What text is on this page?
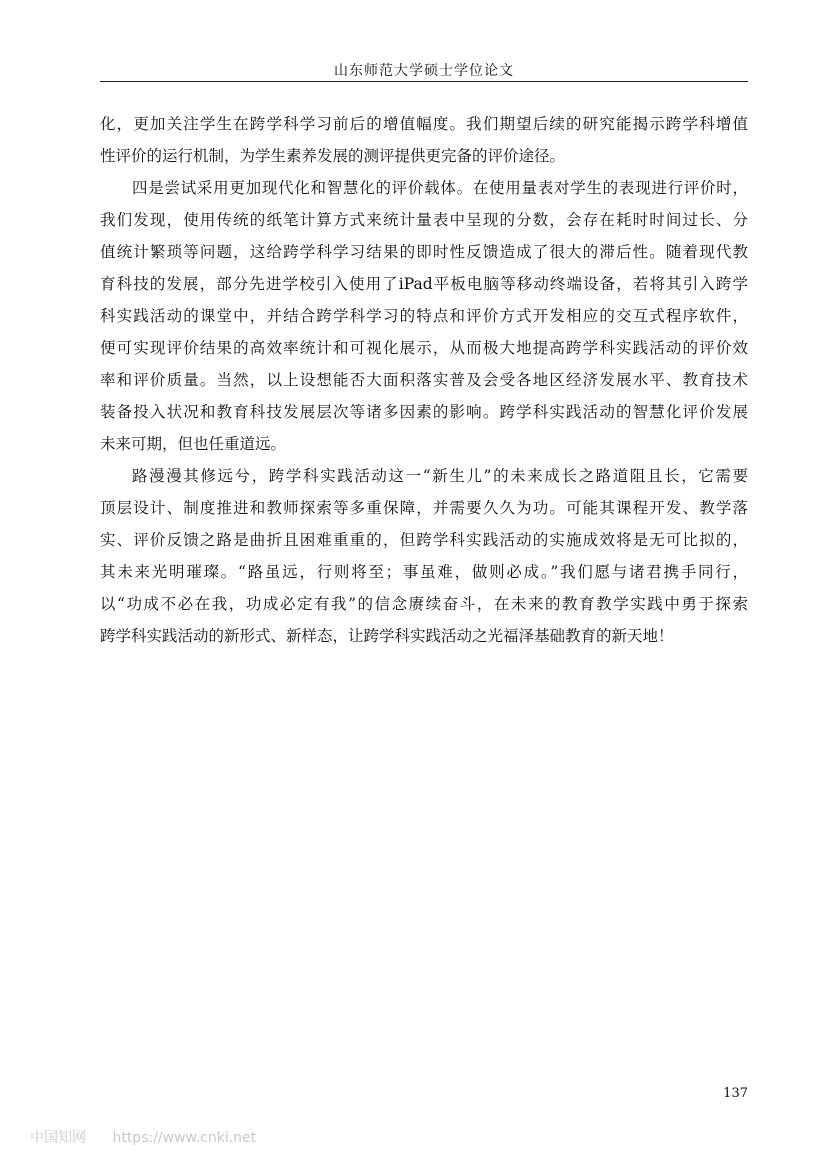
山东师范大学硕士学位论文
化，更加关注学生在跨学科学习前后的增值幅度。我们期望后续的研究能揭示跨学科增值
性评价的运行机制，为学生素养发展的测评提供更完备的评价途径。
四是尝试采用更加现代化和智慧化的评价载体。在使用量表对学生的表现进行评价时，
我们发现，使用传统的纸笔计算方式来统计量表中呈现的分数，会存在耗时时间过长、分
值统计繁琐等问题，这给跨学科学习结果的即时性反馈造成了很大的滞后性。随着现代教
育科技的发展，部分先进学校引入使用了iPad平板电脑等移动终端设备，若将其引入跨学
科实践活动的课堂中，并结合跨学科学习的特点和评价方式开发相应的交互式程序软件，
便可实现评价结果的高效率统计和可视化展示，从而极大地提高跨学科实践活动的评价效
率和评价质量。当然，以上设想能否大面积落实普及会受各地区经济发展水平、教育技术
装备投入状况和教育科技发展层次等诸多因素的影响。跨学科实践活动的智慧化评价发展
未来可期，但也任重道远。
路漫漫其修远兮，跨学科实践活动这一“新生儿”的未来成长之路道阻且长，它需要
顶层设计、制度推进和教师探索等多重保障，并需要久久为功。可能其课程开发、教学落
实、评价反馈之路是曲折且困难重重的，但跨学科实践活动的实施成效将是无可比拟的，
其未来光明璀璨。“路虽远，行则将至；事虽难，做则必成。”我们愿与诸君携手同行，
以“功成不必在我，功成必定有我”的信念赓续奋斗，在未来的教育教学实践中勇于探索
跨学科实践活动的新形式、新样态，让跨学科实践活动之光福泽基础教育的新天地！
137
中国知网 https://www.cnki.net
